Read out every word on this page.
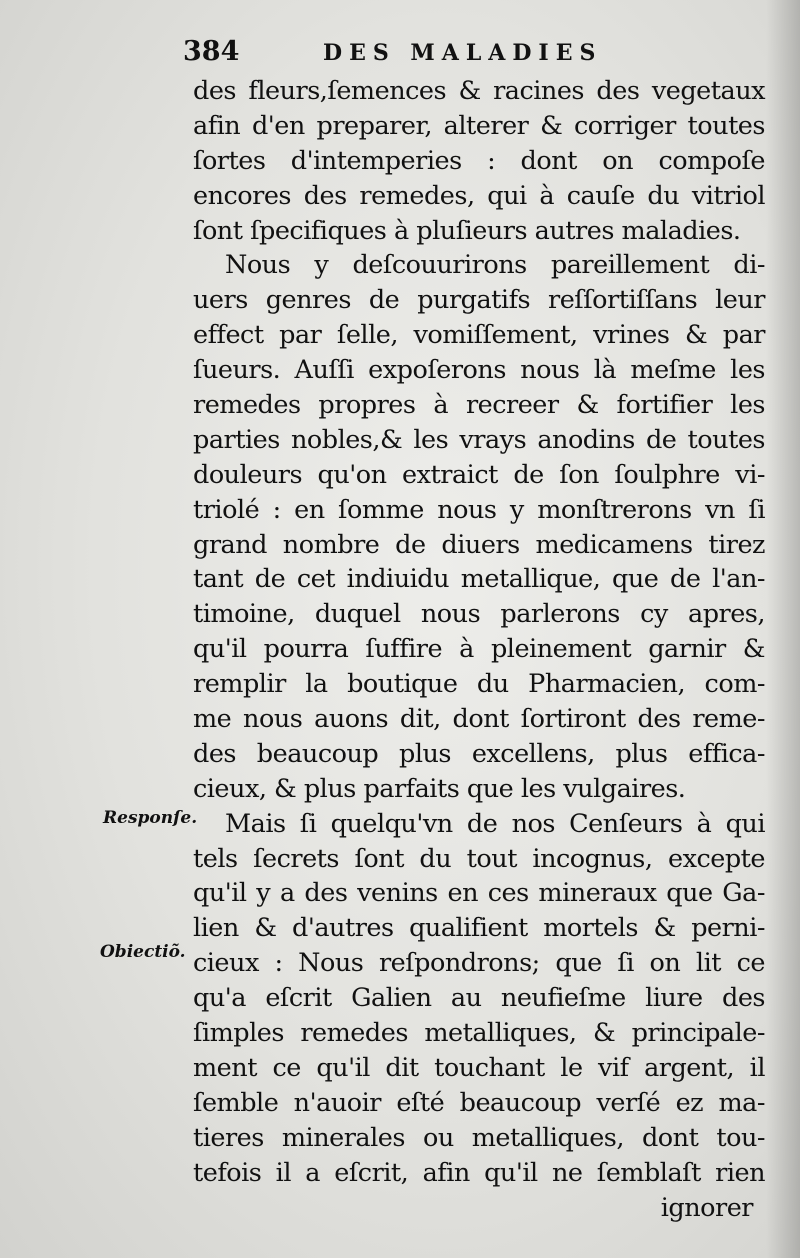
384	DES MALADIES
Responſe.
Obiectiõ.
des fleurs,ſemences & racines des vegetaux
afin d'en preparer, alterer & corriger toutes
ſortes d'intemperies : dont on compoſe
encores des remedes, qui à cauſe du vitriol
ſont ſpecifiques à pluſieurs autres maladies.
Nous y deſcouurirons pareillement di-
uers genres de purgatifs reſſortiſſans leur
effect par ſelle, vomiſſement, vrines & par
ſueurs. Auſſi expoſerons nous là meſme les
remedes propres à recreer & fortifier les
parties nobles,& les vrays anodins de toutes
douleurs qu'on extraict de ſon ſoulphre vi-
triolé : en ſomme nous y monſtrerons vn ſi
grand nombre de diuers medicamens tirez
tant de cet indiuidu metallique, que de l'an-
timoine, duquel nous parlerons cy apres,
qu'il pourra ſuffire à pleinement garnir &
remplir la boutique du Pharmacien, com-
me nous auons dit, dont ſortiront des reme-
des beaucoup plus excellens, plus effica-
cieux, & plus parfaits que les vulgaires.
Mais ſi quelqu'vn de nos Cenſeurs à qui
tels ſecrets ſont du tout incognus, excepte
qu'il y a des venins en ces mineraux que Ga-
lien & d'autres qualifient mortels & perni-
cieux : Nous reſpondrons; que ſi on lit ce
qu'a eſcrit Galien au neufieſme liure des
ſimples remedes metalliques, & principale-
ment ce qu'il dit touchant le vif argent, il
ſemble n'auoir eſté beaucoup verſé ez ma-
tieres minerales ou metalliques, dont tou-
tefois il a eſcrit, afin qu'il ne ſemblaſt rien
ignorer
